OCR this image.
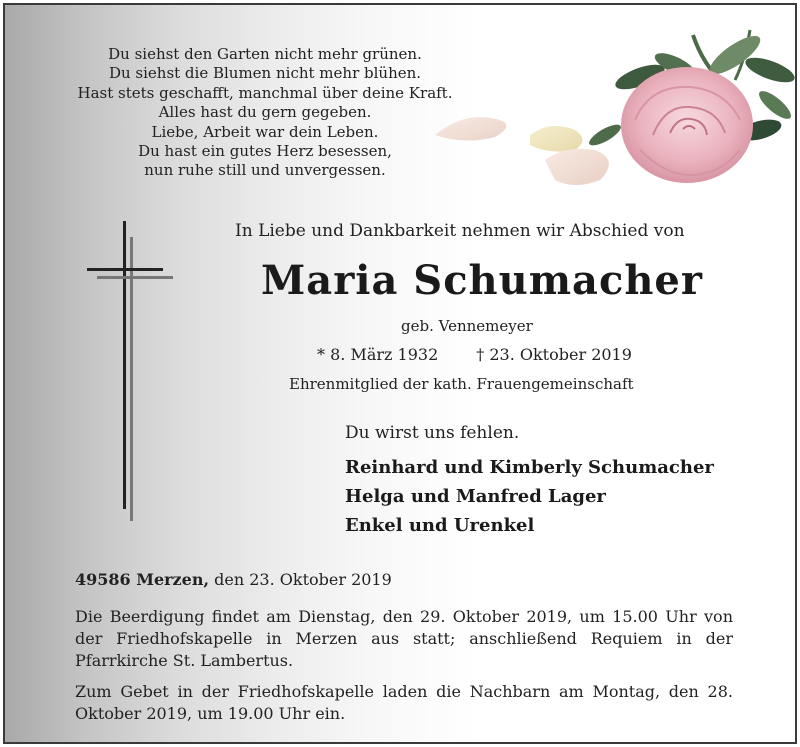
Du siehst den Garten nicht mehr grünen.
Du siehst die Blumen nicht mehr blühen.
Hast stets geschafft, manchmal über deine Kraft.
Alles hast du gern gegeben.
Liebe, Arbeit war dein Leben.
Du hast ein gutes Herz besessen,
nun ruhe still und unvergessen.
In Liebe und Dankbarkeit nehmen wir Abschied von
Maria Schumacher
geb. Vennemeyer
* 8. März 1932 † 23. Oktober 2019
Ehrenmitglied der kath. Frauengemeinschaft
Du wirst uns fehlen.
Reinhard und Kimberly Schumacher
Helga und Manfred Lager
Enkel und Urenkel
49586 Merzen, den 23. Oktober 2019
Die Beerdigung findet am Dienstag, den 29. Oktober 2019, um 15.00 Uhr von der Friedhofskapelle in Merzen aus statt; anschließend Requiem in der Pfarrkirche St. Lambertus.
Zum Gebet in der Friedhofskapelle laden die Nachbarn am Montag, den 28. Oktober 2019, um 19.00 Uhr ein.
